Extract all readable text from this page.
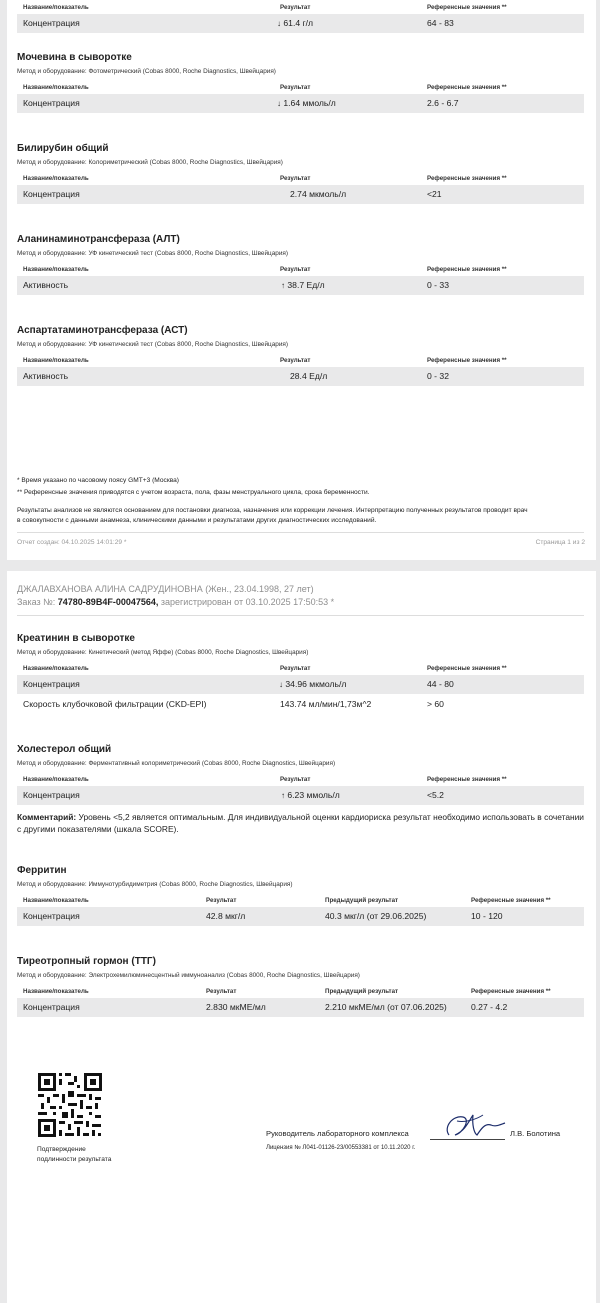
Название/показатель	Результат	Референсные значения **
Концентрация	↓ 61.4 г/л	64 - 83
Мочевина в сыворотке
Метод и оборудование: Фотометрический (Cobas 8000, Roche Diagnostics, Швейцария)
Название/показатель	Результат	Референсные значения **
Концентрация	↓ 1.64 ммоль/л	2.6 - 6.7
Билирубин общий
Метод и оборудование: Колориметрический (Cobas 8000, Roche Diagnostics, Швейцария)
Название/показатель	Результат	Референсные значения **
Концентрация	2.74 мкмоль/л	<21
Аланинаминотрансфераза (АЛТ)
Метод и оборудование: УФ кинетический тест (Cobas 8000, Roche Diagnostics, Швейцария)
Название/показатель	Результат	Референсные значения **
Активность	↑ 38.7 Ед/л	0 - 33
Аспартатаминотрансфераза (АСТ)
Метод и оборудование: УФ кинетический тест (Cobas 8000, Roche Diagnostics, Швейцария)
Название/показатель	Результат	Референсные значения **
Активность	28.4 Ед/л	0 - 32
* Время указано по часовому поясу GMT+3 (Москва)
** Референсные значения приводятся с учетом возраста, пола, фазы менструального цикла, срока беременности.
Результаты анализов не являются основанием для постановки диагноза, назначения или коррекции лечения. Интерпретацию полученных результатов проводит врач
в совокупности с данными анамнеза, клиническими данными и результатами других диагностических исследований.
Отчет создан: 04.10.2025 14:01:29 *	Страница 1 из 2
ДЖАЛАВХАНОВА АЛИНА САДРУДИНОВНА (Жен., 23.04.1998, 27 лет)
Заказ №: 74780-89B4F-00047564, зарегистрирован от 03.10.2025 17:50:53 *
Креатинин в сыворотке
Метод и оборудование: Кинетический (метод Яффе) (Cobas 8000, Roche Diagnostics, Швейцария)
Название/показатель	Результат	Референсные значения **
Концентрация	↓ 34.96 мкмоль/л	44 - 80
Скорость клубочковой фильтрации (CKD-EPI)	143.74 мл/мин/1,73м^2	> 60
Холестерол общий
Метод и оборудование: Ферментативный колориметрический (Cobas 8000, Roche Diagnostics, Швейцария)
Название/показатель	Результат	Референсные значения **
Концентрация	↑ 6.23 ммоль/л	<5.2
Комментарий: Уровень <5,2 является оптимальным. Для индивидуальной оценки кардиориска результат необходимо использовать в сочетании с другими показателями (шкала SCORE).
Ферритин
Метод и оборудование: Иммунотурбидиметрия (Cobas 8000, Roche Diagnostics, Швейцария)
Название/показатель	Результат	Предыдущий результат	Референсные значения **
Концентрация	42.8 мкг/л	40.3 мкг/л (от 29.06.2025)	10 - 120
Тиреотропный гормон (ТТГ)
Метод и оборудование: Электрохемилюминесцентный иммуноанализ (Cobas 8000, Roche Diagnostics, Швейцария)
Название/показатель	Результат	Предыдущий результат	Референсные значения **
Концентрация	2.830 мкМЕ/мл	2.210 мкМЕ/мл (от 07.06.2025)	0.27 - 4.2
Подтверждение
подлинности результата
Руководитель лабораторного комплекса	Л.В. Болотина
Лицензия № Л041-01126-23/00553381 от 10.11.2020 г.
